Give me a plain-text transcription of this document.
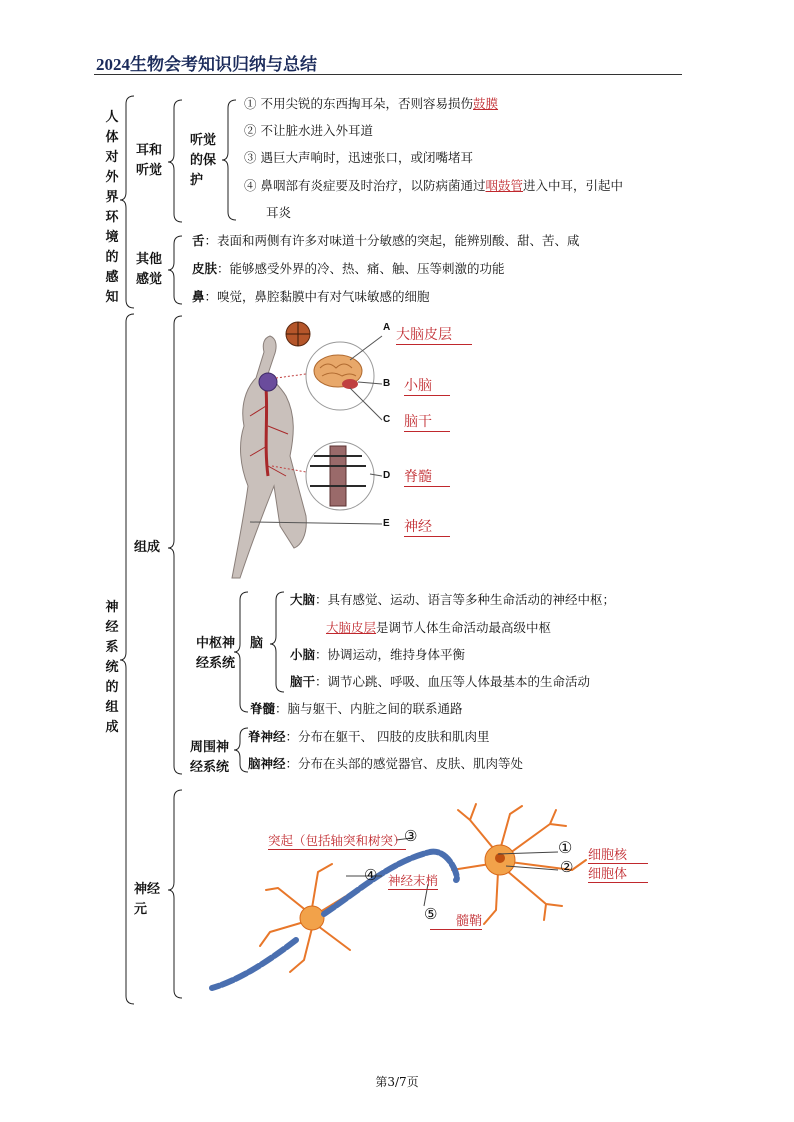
2024生物会考知识归纳与总结
人
体
对
外
界
环
境
的
感
知
耳和
听觉
听觉
的保
护
① 不用尖锐的东西掏耳朵，否则容易损伤鼓膜
② 不让脏水进入外耳道
③ 遇巨大声响时，迅速张口，或闭嘴堵耳
④ 鼻咽部有炎症要及时治疗，以防病菌通过咽鼓管进入中耳，引起中
耳炎
其他
感觉
舌：表面和两侧有许多对味道十分敏感的突起，能辨别酸、甜、苦、咸
皮肤：能够感受外界的冷、热、痛、触、压等刺激的功能
鼻：嗅觉，鼻腔黏膜中有对气味敏感的细胞
神
经
系
统
的
组
成
组成
A
B
C
D
E
大脑皮层
小脑
脑干
脊髓
神经
中枢神
经系统
脑
大脑：具有感觉、运动、语言等多种生命活动的神经中枢；
大脑皮层是调节人体生命活动最高级中枢
小脑：协调运动，维持身体平衡
脑干：调节心跳、呼吸、血压等人体最基本的生命活动
脊髓：脑与躯干、内脏之间的联系通路
周围神
经系统
脊神经：分布在躯干、 四肢的皮肤和肌肉里
脑神经：分布在头部的感觉器官、皮肤、肌肉等处
神经
元
突起（包括轴突和树突）
③
① 细胞核
② 细胞体
④ 神经末梢
⑤	髓鞘
第3/7页
